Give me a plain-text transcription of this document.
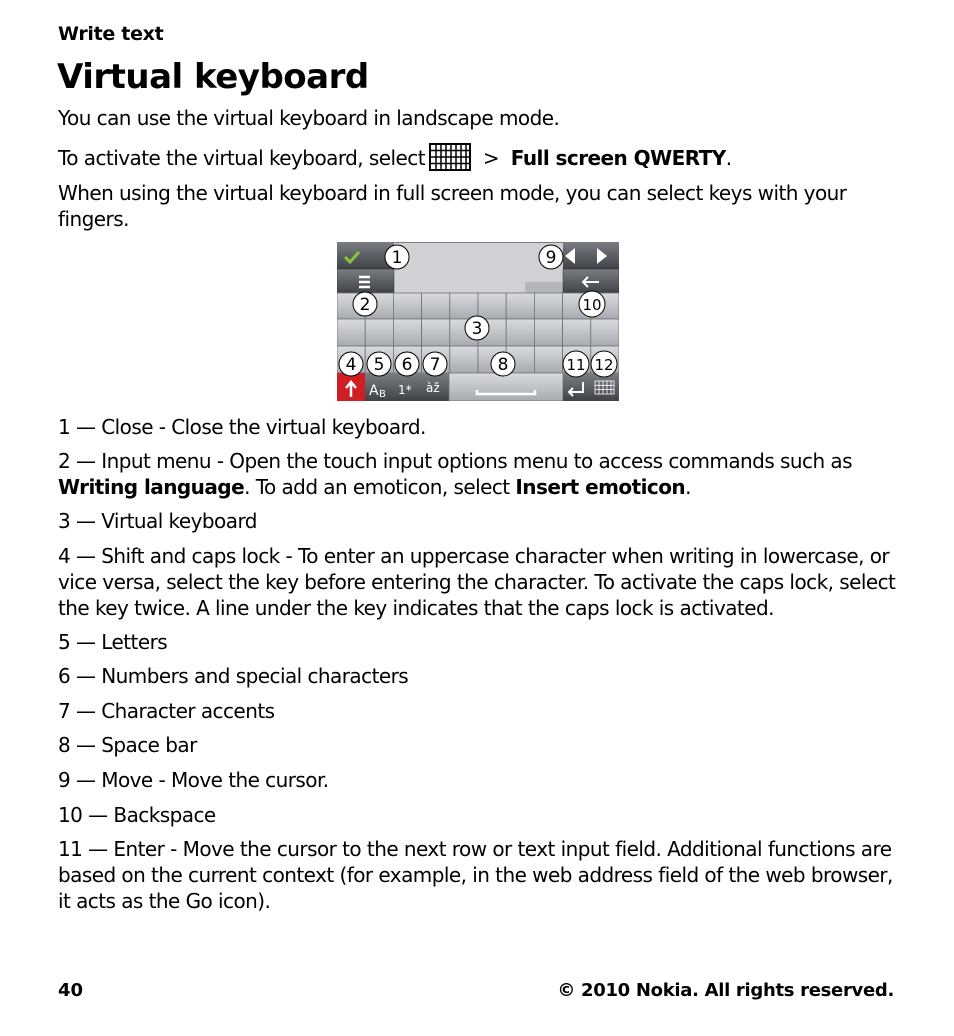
Write text
Virtual keyboard
You can use the virtual keyboard in landscape mode.
To activate the virtual keyboard, select	> Full screen QWERTY.
When using the virtual keyboard in full screen mode, you can select keys with your fingers.
A B 1* àž
1	9
2	10
3
4 5 6 7	8	11 12
1 — Close - Close the virtual keyboard.
2 — Input menu - Open the touch input options menu to access commands such as Writing language. To add an emoticon, select Insert emoticon.
3 — Virtual keyboard
4 — Shift and caps lock - To enter an uppercase character when writing in lowercase, or vice versa, select the key before entering the character. To activate the caps lock, select the key twice. A line under the key indicates that the caps lock is activated.
5 — Letters
6 — Numbers and special characters
7 — Character accents
8 — Space bar
9 — Move - Move the cursor.
10 — Backspace
11 — Enter - Move the cursor to the next row or text input field. Additional functions are based on the current context (for example, in the web address field of the web browser, it acts as the Go icon).
40	© 2010 Nokia. All rights reserved.
